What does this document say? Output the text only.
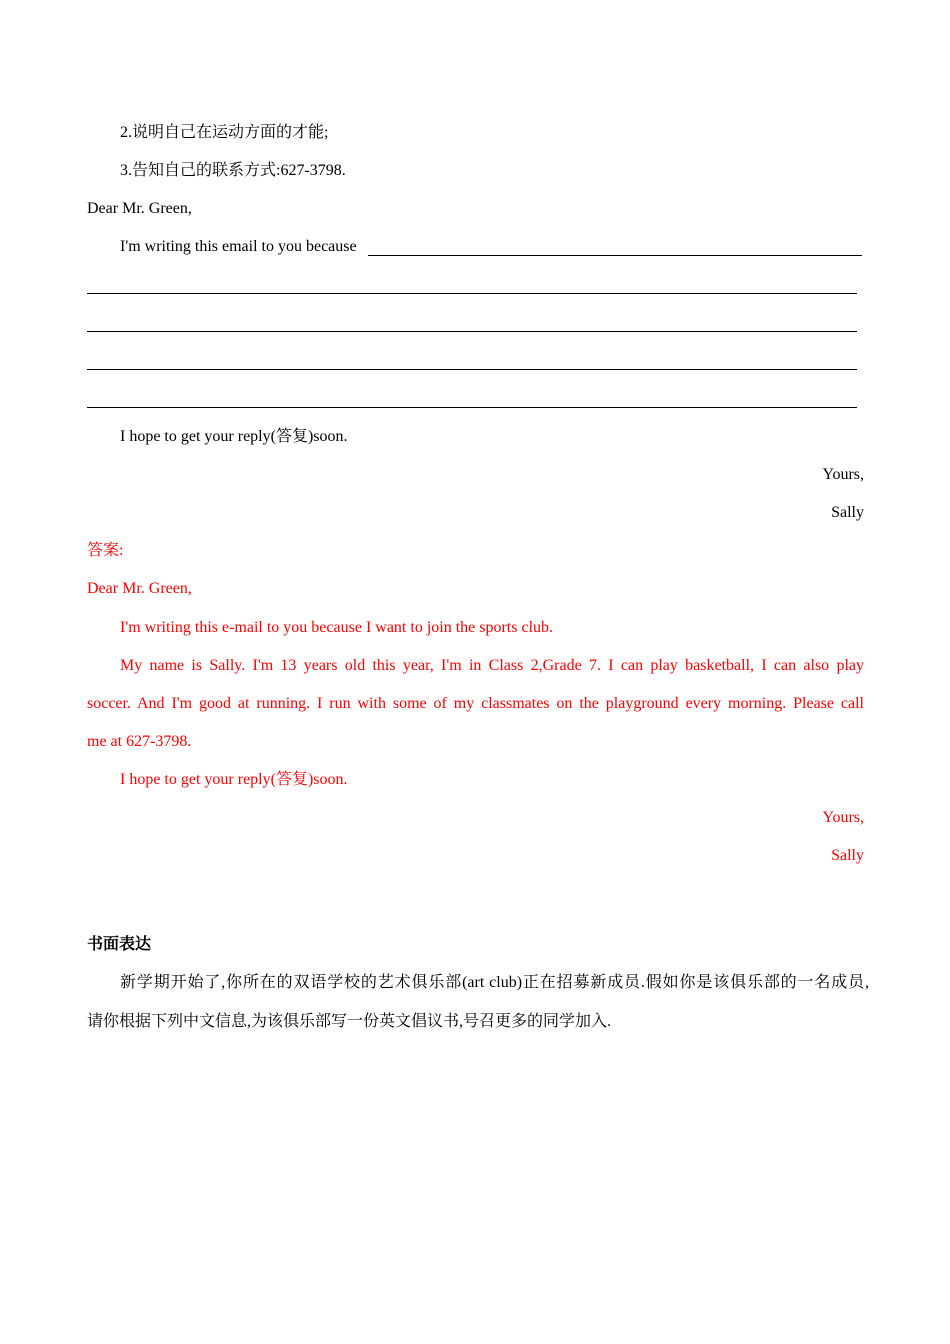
2.说明自己在运动方面的才能;
3.告知自己的联系方式:627-3798.
Dear Mr. Green,
I'm writing this email to you because
I hope to get your reply(答复)soon.
Yours,
Sally
答案:
Dear Mr. Green,
I'm writing this e-mail to you because I want to join the sports club.
My name is Sally. I'm 13 years old this year, I'm in Class 2,Grade 7. I can play basketball, I can also play
soccer. And I'm good at running. I run with some of my classmates on the playground every morning. Please call
me at 627-3798.
I hope to get your reply(答复)soon.
Yours,
Sally
书面表达
新学期开始了,你所在的双语学校的艺术俱乐部(art club)正在招募新成员.假如你是该俱乐部的一名成员,
请你根据下列中文信息,为该俱乐部写一份英文倡议书,号召更多的同学加入.
